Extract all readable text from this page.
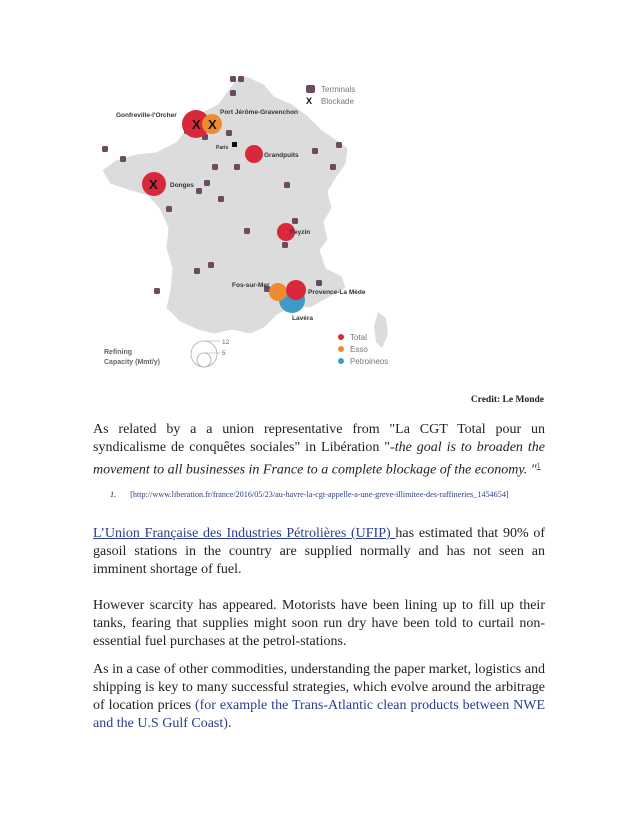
X X
X
X X
Gonfreville-l'Orcher	Port Jérôme-Gravenchon
Paris
Grandpuits
Donges
Feyzin
Fos-sur-Mer
Provence-La Mède
Lavéra
12
5
Refining
Capacity (Mmt/y)
Terminals
X	Blockade
Total
Esso
Petroineos
Credit: Le Monde

As related by a a union representative from "La CGT Total pour un syndicalisme de conquêtes sociales" in Libération "-the goal is to broaden the movement to all businesses in France to a complete blockage of the economy. "$^1$

1. [http://www.liberation.fr/france/2016/05/23/au-havre-la-cgt-appelle-a-une-greve-illimitee-des-raffineries_1454654]

L’Union Française des Industries Pétrolières (UFIP) has estimated that 90% of gasoil stations in the country are supplied normally and has not seen an imminent shortage of fuel.

However scarcity has appeared. Motorists have been lining up to fill up their tanks, fearing that supplies might soon run dry have been told to curtail non-essential fuel purchases at the petrol-stations.

As in a case of other commodities, understanding the paper market, logistics and shipping is key to many successful strategies, which evolve around the arbitrage of location prices (for example the Trans-Atlantic clean products between NWE and the U.S Gulf Coast).
